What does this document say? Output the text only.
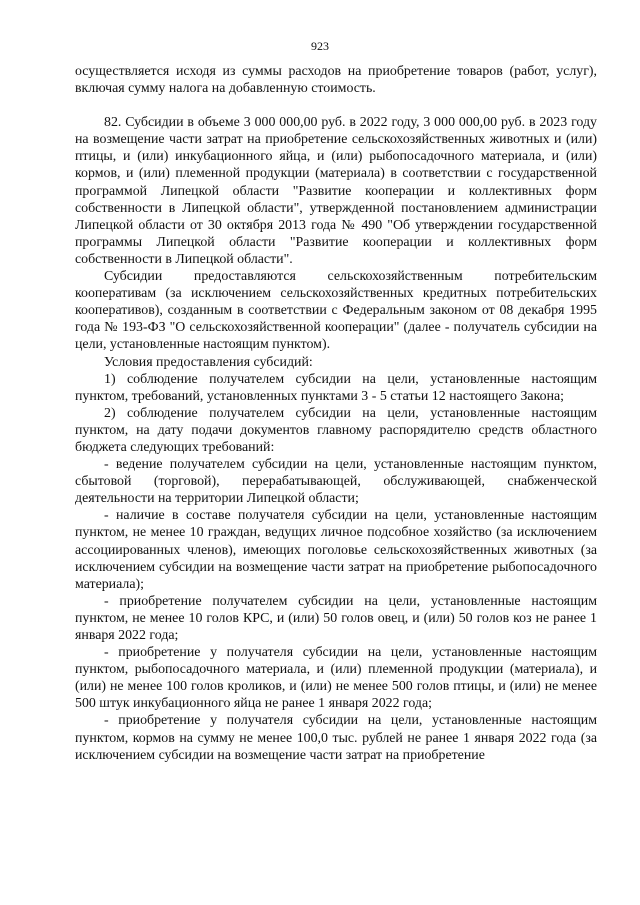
923

осуществляется исходя из суммы расходов на приобретение товаров (работ, услуг), включая сумму налога на добавленную стоимость.

82. Субсидии в объеме 3 000 000,00 руб. в 2022 году, 3 000 000,00 руб. в 2023 году на возмещение части затрат на приобретение сельскохозяйственных животных и (или) птицы, и (или) инкубационного яйца, и (или) рыбопосадочного материала, и (или) кормов, и (или) племенной продукции (материала) в соответствии с государственной программой Липецкой области "Развитие кооперации и коллективных форм собственности в Липецкой области", утвержденной постановлением администрации Липецкой области от 30 октября 2013 года № 490 "Об утверждении государственной программы Липецкой области "Развитие кооперации и коллективных форм собственности в Липецкой области".

Субсидии предоставляются сельскохозяйственным потребительским кооперативам (за исключением сельскохозяйственных кредитных потребительских кооперативов), созданным в соответствии с Федеральным законом от 08 декабря 1995 года № 193-ФЗ "О сельскохозяйственной кооперации" (далее - получатель субсидии на цели, установленные настоящим пунктом).

Условия предоставления субсидий:

1) соблюдение получателем субсидии на цели, установленные настоящим пунктом, требований, установленных пунктами 3 - 5 статьи 12 настоящего Закона;

2) соблюдение получателем субсидии на цели, установленные настоящим пунктом, на дату подачи документов главному распорядителю средств областного бюджета следующих требований:

- ведение получателем субсидии на цели, установленные настоящим пунктом, сбытовой (торговой), перерабатывающей, обслуживающей, снабженческой деятельности на территории Липецкой области;

- наличие в составе получателя субсидии на цели, установленные настоящим пунктом, не менее 10 граждан, ведущих личное подсобное хозяйство (за исключением ассоциированных членов), имеющих поголовье сельскохозяйственных животных (за исключением субсидии на возмещение части затрат на приобретение рыбопосадочного материала);

- приобретение получателем субсидии на цели, установленные настоящим пунктом, не менее 10 голов КРС, и (или) 50 голов овец, и (или) 50 голов коз не ранее 1 января 2022 года;

- приобретение у получателя субсидии на цели, установленные настоящим пунктом, рыбопосадочного материала, и (или) племенной продукции (материала), и (или) не менее 100 голов кроликов, и (или) не менее 500 голов птицы, и (или) не менее 500 штук инкубационного яйца не ранее 1 января 2022 года;

- приобретение у получателя субсидии на цели, установленные настоящим пунктом, кормов на сумму не менее 100,0 тыс. рублей не ранее 1 января 2022 года (за исключением субсидии на возмещение части затрат на приобретение
